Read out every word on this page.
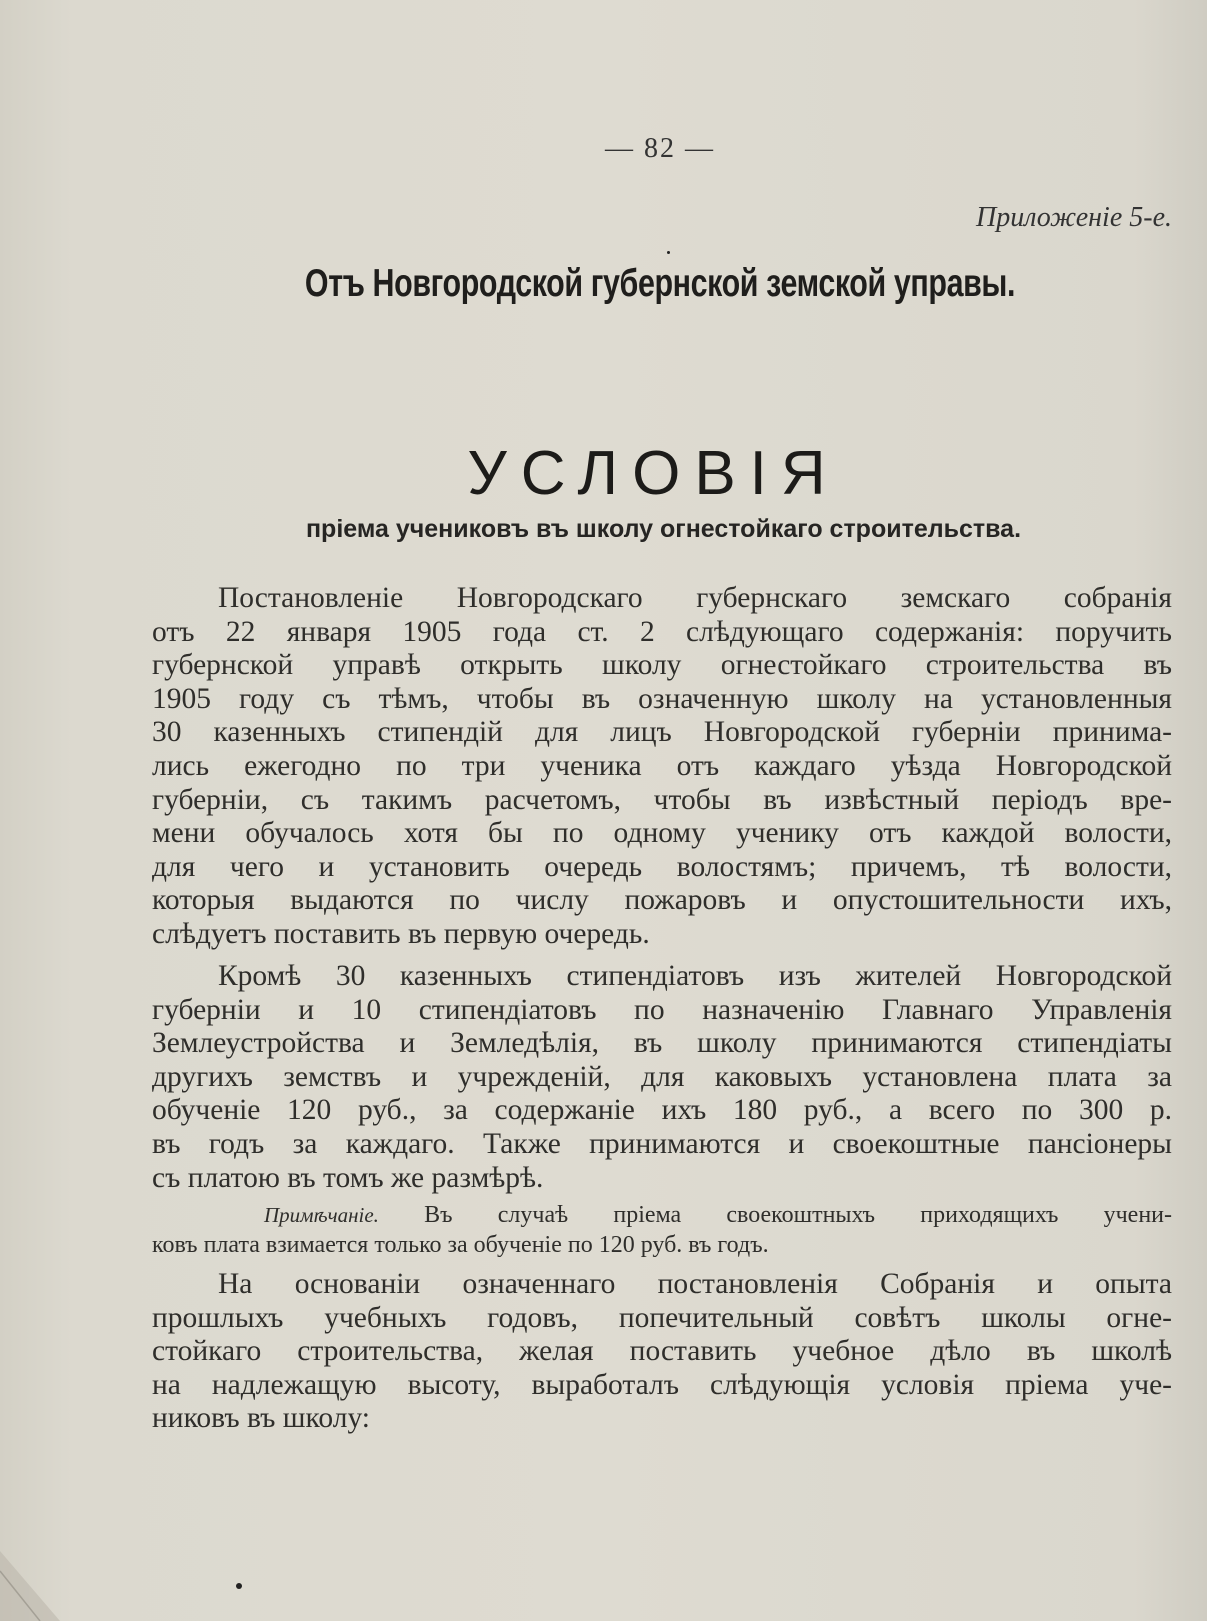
— 82 —
Приложеніе 5-е.
Отъ Новгородской губернской земской управы.
УСЛОВІЯ
пріема учениковъ въ школу огнестойкаго строительства.
Постановленіе Новгородскаго губернскаго земскаго собранія
отъ 22 января 1905 года ст. 2 слѣдующаго содержанія: поручить
губернской управѣ открыть школу огнестойкаго строительства въ
1905 году съ тѣмъ, чтобы въ означенную школу на установленныя
30 казенныхъ стипендій для лицъ Новгородской губерніи принима-
лись ежегодно по три ученика отъ каждаго уѣзда Новгородской
губерніи, съ такимъ расчетомъ, чтобы въ извѣстный періодъ вре-
мени обучалось хотя бы по одному ученику отъ каждой волости,
для чего и установить очередь волостямъ; причемъ, тѣ волости,
которыя выдаются по числу пожаровъ и опустошительности ихъ,
слѣдуетъ поставить въ первую очередь.
Кромѣ 30 казенныхъ стипендіатовъ изъ жителей Новгородской
губерніи и 10 стипендіатовъ по назначенію Главнаго Управленія
Землеустройства и Земледѣлія, въ школу принимаются стипендіаты
другихъ земствъ и учрежденій, для каковыхъ установлена плата за
обученіе 120 руб., за содержаніе ихъ 180 руб., а всего по 300 р.
въ годъ за каждаго. Также принимаются и своекоштные пансіонеры
съ платою въ томъ же размѣрѣ.
Примѣчаніе. Въ случаѣ пріема своекоштныхъ приходящихъ учени-
ковъ плата взимается только за обученіе по 120 руб. въ годъ.
На основаніи означеннаго постановленія Собранія и опыта
прошлыхъ учебныхъ годовъ, попечительный совѣтъ школы огне-
стойкаго строительства, желая поставить учебное дѣло въ школѣ
на надлежащую высоту, выработалъ слѣдующія условія пріема уче-
никовъ въ школу:
